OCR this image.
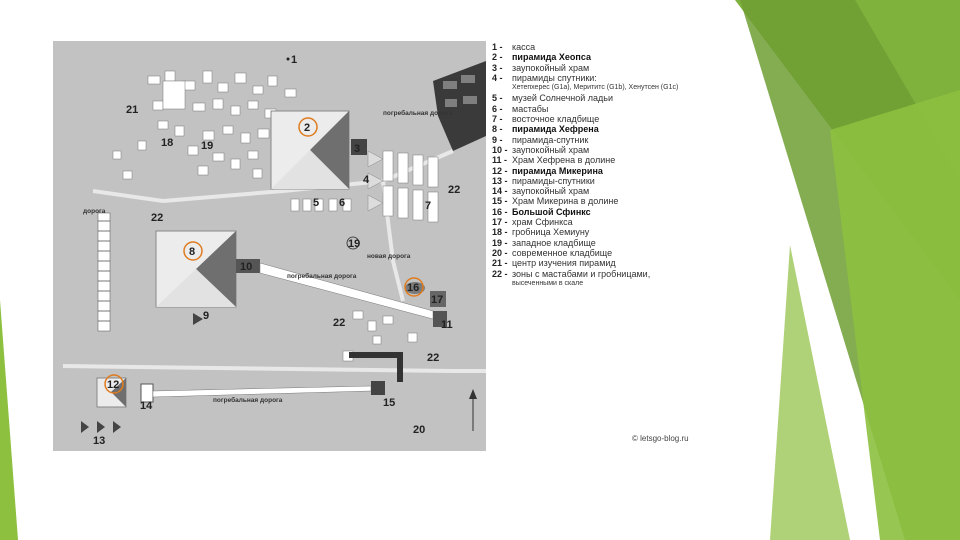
1
2
3
4
5 6	7
8
9
10
11
12
13
14	15
16
17
18	19
19
20
21
22
22
22
22
погребальная дорога
погребальная дорога
погребальная дорога
дорога
новая дорога
1 -	касса
2 -	пирамида Хеопса
3 -	заупокойный храм
4 -	пирамиды спутники:
Хетепхерес (G1a), Мерититс (G1b), Хенутсен (G1c)
5 -	музей Солнечной ладьи
6 -	мастабы
7 -	восточное кладбище
8 -	пирамида Хефрена
9 -	пирамида-спутник
10 - заупокойный храм
11 - Храм Хефрена в долине
12 - пирамида Микерина
13 - пирамиды-спутники
14 - заупокойный храм
15 - Храм Микерина в долине
16 - Большой Сфинкс
17 - храм Сфинкса
18 - гробница Хемиуну
19 - западное кладбище
20 - современное кладбище
21 - центр изучения пирамид
22 - зоны с мастабами и гробницами,
высеченными в скале
© letsgo-blog.ru
